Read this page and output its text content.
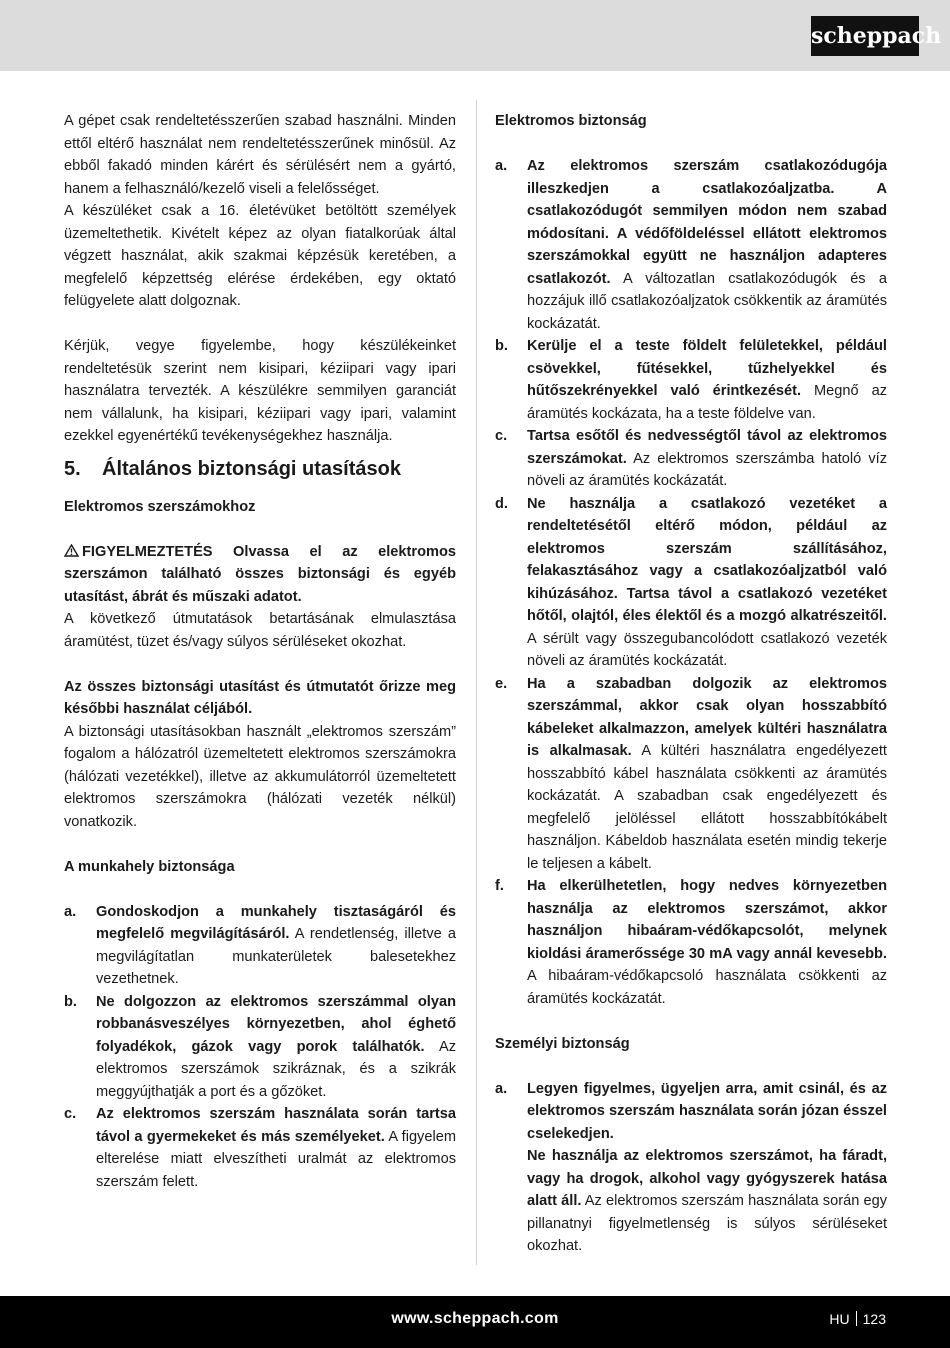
scheppach

A gépet csak rendeltetésszerűen szabad használni. Minden ettől eltérő használat nem rendeltetésszerűnek minősül. Az ebből fakadó minden kárért és sérülésért nem a gyártó, hanem a felhasználó/kezelő viseli a felelősséget.

A készüléket csak a 16. életévüket betöltött személyek üzemeltethetik. Kivételt képez az olyan fiatalkorúak által végzett használat, akik szakmai képzésük keretében, a megfelelő képzettség elérése érdekében, egy oktató felügyelete alatt dolgoznak.

Kérjük, vegye figyelembe, hogy készülékeinket rendeltetésük szerint nem kisipari, kéziipari vagy ipari használatra tervezték. A készülékre semmilyen garanciát nem vállalunk, ha kisipari, kéziipari vagy ipari, valamint ezekkel egyenértékű tevékenységekhez használja.

5.	Általános biztonsági utasítások

Elektromos szerszámokhoz

FIGYELMEZTETÉS Olvassa el az elektromos szerszámon található összes biztonsági és egyéb utasítást, ábrát és műszaki adatot.

A következő útmutatások betartásának elmulasztása áramütést, tüzet és/vagy súlyos sérüléseket okozhat.

Az összes biztonsági utasítást és útmutatót őrizze meg későbbi használat céljából.

A biztonsági utasításokban használt „elektromos szerszám” fogalom a hálózatról üzemeltetett elektromos szerszámokra (hálózati vezetékkel), illetve az akkumulátorról üzemeltetett elektromos szerszámokra (hálózati vezeték nélkül) vonatkozik.

A munkahely biztonsága

a.	Gondoskodjon a munkahely tisztaságáról és megfelelő megvilágításáról. A rendetlenség, illetve a megvilágítatlan munkaterületek balesetekhez vezethetnek.
b.	Ne dolgozzon az elektromos szerszámmal olyan robbanásveszélyes környezetben, ahol éghető folyadékok, gázok vagy porok találhatók. Az elektromos szerszámok szikráznak, és a szikrák meggyújthatják a port és a gőzöket.
c.	Az elektromos szerszám használata során tartsa távol a gyermekeket és más személyeket. A figyelem elterelése miatt elveszítheti uralmát az elektromos szerszám felett.

Elektromos biztonság

a.	Az elektromos szerszám csatlakozódugója illeszkedjen a csatlakozóaljzatba. A csatlakozódugót semmilyen módon nem szabad módosítani. A védőföldeléssel ellátott elektromos szerszámokkal együtt ne használjon adapteres csatlakozót. A változatlan csatlakozódugók és a hozzájuk illő csatlakozóaljzatok csökkentik az áramütés kockázatát.
b.	Kerülje el a teste földelt felületekkel, például csövekkel, fűtésekkel, tűzhelyekkel és hűtőszekrényekkel való érintkezését. Megnő az áramütés kockázata, ha a teste földelve van.
c.	Tartsa esőtől és nedvességtől távol az elektromos szerszámokat. Az elektromos szerszámba hatoló víz növeli az áramütés kockázatát.
d.	Ne használja a csatlakozó vezetéket a rendeltetésétől eltérő módon, például az elektromos szerszám szállításához, felakasztásához vagy a csatlakozóaljzatból való kihúzásához. Tartsa távol a csatlakozó vezetéket hőtől, olajtól, éles élektől és a mozgó alkatrészeitől. A sérült vagy összegubancolódott csatlakozó vezeték növeli az áramütés kockázatát.
e.	Ha a szabadban dolgozik az elektromos szerszámmal, akkor csak olyan hosszabbító kábeleket alkalmazzon, amelyek kültéri használatra is alkalmasak. A kültéri használatra engedélyezett hosszabbító kábel használata csökkenti az áramütés kockázatát. A szabadban csak engedélyezett és megfelelő jelöléssel ellátott hosszabbítókábelt használjon. Kábeldob használata esetén mindig tekerje le teljesen a kábelt.
f.	Ha elkerülhetetlen, hogy nedves környezetben használja az elektromos szerszámot, akkor használjon hibaáram-védőkapcsolót, melynek kioldási áramerőssége 30 mA vagy annál kevesebb. A hibaáram-védőkapcsoló használata csökkenti az áramütés kockázatát.

Személyi biztonság

a.	Legyen figyelmes, ügyeljen arra, amit csinál, és az elektromos szerszám használata során józan ésszel cselekedjen.
Ne használja az elektromos szerszámot, ha fáradt, vagy ha drogok, alkohol vagy gyógyszerek hatása alatt áll. Az elektromos szerszám használata során egy pillanatnyi figyelmetlenség is súlyos sérüléseket okozhat.
www.scheppach.com	HU 123
